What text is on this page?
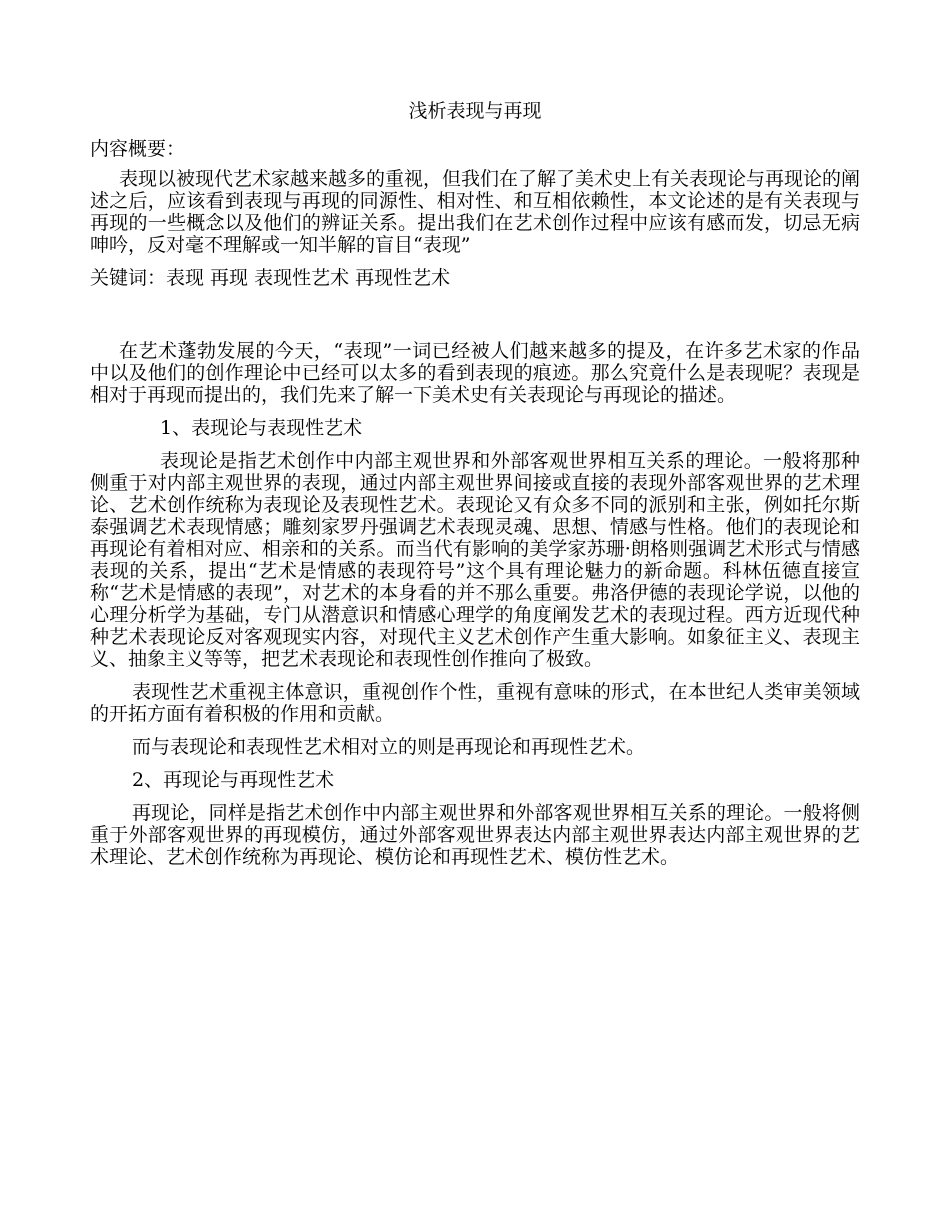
浅析表现与再现
内容概要：

表现以被现代艺术家越来越多的重视，但我们在了解了美术史上有关表现论与再现论的阐述之后，应该看到表现与再现的同源性、相对性、和互相依赖性，本文论述的是有关表现与再现的一些概念以及他们的辨证关系。提出我们在艺术创作过程中应该有感而发，切忌无病呻吟，反对毫不理解或一知半解的盲目“表现”

关键词：表现 再现 表现性艺术 再现性艺术

在艺术蓬勃发展的今天，“表现”一词已经被人们越来越多的提及，在许多艺术家的作品中以及他们的创作理论中已经可以太多的看到表现的痕迹。那么究竟什么是表现呢？表现是相对于再现而提出的，我们先来了解一下美术史有关表现论与再现论的描述。

1、表现论与表现性艺术

表现论是指艺术创作中内部主观世界和外部客观世界相互关系的理论。一般将那种侧重于对内部主观世界的表现，通过内部主观世界间接或直接的表现外部客观世界的艺术理论、艺术创作统称为表现论及表现性艺术。表现论又有众多不同的派别和主张，例如托尔斯泰强调艺术表现情感；雕刻家罗丹强调艺术表现灵魂、思想、情感与性格。他们的表现论和再现论有着相对应、相亲和的关系。而当代有影响的美学家苏珊·朗格则强调艺术形式与情感表现的关系，提出“艺术是情感的表现符号”这个具有理论魅力的新命题。科林伍德直接宣称“艺术是情感的表现”，对艺术的本身看的并不那么重要。弗洛伊德的表现论学说，以他的心理分析学为基础，专门从潜意识和情感心理学的角度阐发艺术的表现过程。西方近现代种种艺术表现论反对客观现实内容，对现代主义艺术创作产生重大影响。如象征主义、表现主义、抽象主义等等，把艺术表现论和表现性创作推向了极致。

表现性艺术重视主体意识，重视创作个性，重视有意味的形式，在本世纪人类审美领域的开拓方面有着积极的作用和贡献。

而与表现论和表现性艺术相对立的则是再现论和再现性艺术。

2、再现论与再现性艺术

再现论，同样是指艺术创作中内部主观世界和外部客观世界相互关系的理论。一般将侧重于外部客观世界的再现模仿，通过外部客观世界表达内部主观世界表达内部主观世界的艺术理论、艺术创作统称为再现论、模仿论和再现性艺术、模仿性艺术。
